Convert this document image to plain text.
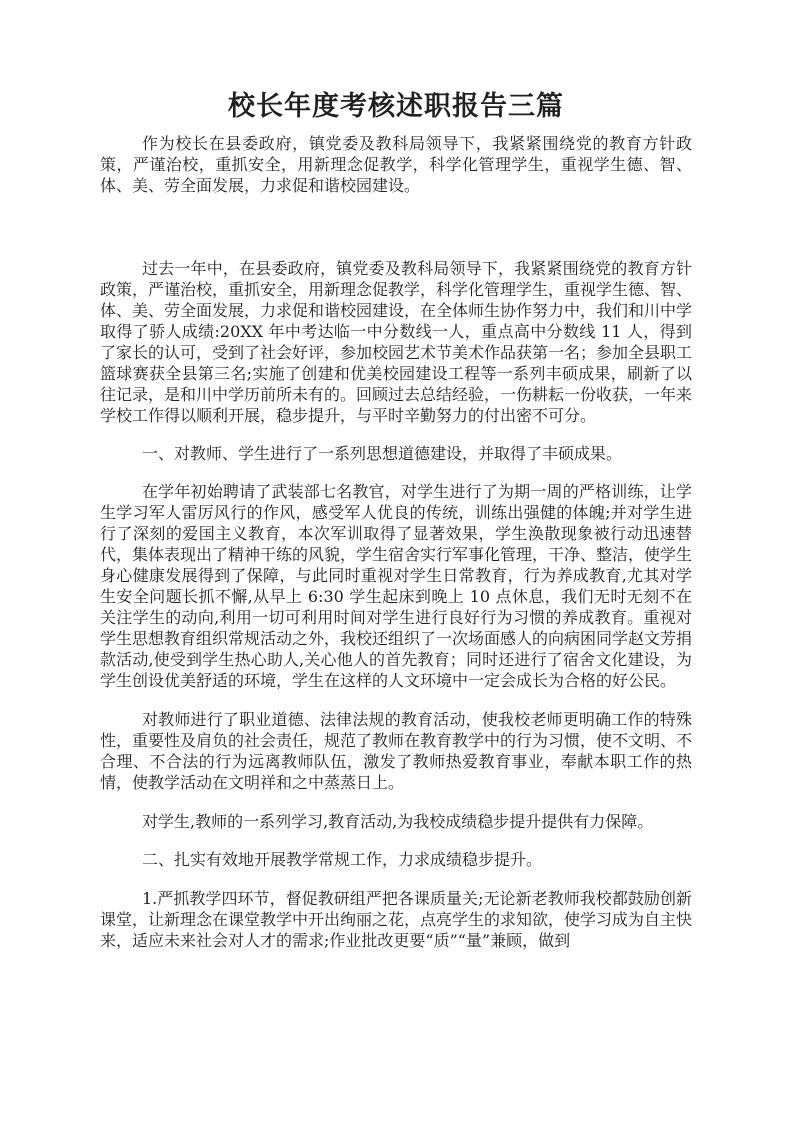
校长年度考核述职报告三篇

作为校长在县委政府，镇党委及教科局领导下，我紧紧围绕党的教育方针政策，严谨治校，重抓安全，用新理念促教学，科学化管理学生，重视学生德、智、体、美、劳全面发展，力求促和谐校园建设。

过去一年中，在县委政府，镇党委及教科局领导下，我紧紧围绕党的教育方针政策，严谨治校，重抓安全，用新理念促教学，科学化管理学生，重视学生德、智、体、美、劳全面发展，力求促和谐校园建设，在全体师生协作努力中，我们和川中学取得了骄人成绩:20XX 年中考达临一中分数线一人，重点高中分数线 11 人，得到了家长的认可，受到了社会好评，参加校园艺术节美术作品获第一名；参加全县职工篮球赛获全县第三名;实施了创建和优美校园建设工程等一系列丰硕成果，刷新了以往记录，是和川中学历前所未有的。回顾过去总结经验，一伤耕耘一份收获，一年来学校工作得以顺利开展，稳步提升，与平时辛勤努力的付出密不可分。

一、对教师、学生进行了一系列思想道德建设，并取得了丰硕成果。

在学年初始聘请了武装部七名教官，对学生进行了为期一周的严格训练，让学生学习军人雷厉风行的作风，感受军人优良的传统，训练出强健的体魄;并对学生进行了深刻的爱国主义教育，本次军训取得了显著效果，学生涣散现象被行动迅速替代，集体表现出了精神干练的风貌，学生宿舍实行军事化管理，干净、整洁，使学生身心健康发展得到了保障，与此同时重视对学生日常教育，行为养成教育,尤其对学生安全问题长抓不懈,从早上 6:30 学生起床到晚上 10 点休息，我们无时无刻不在关注学生的动向,利用一切可利用时间对学生进行良好行为习惯的养成教育。重视对学生思想教育组织常规活动之外，我校还组织了一次场面感人的向病困同学赵文芳捐款活动,使受到学生热心助人,关心他人的首先教育；同时还进行了宿舍文化建设，为学生创设优美舒适的环境，学生在这样的人文环境中一定会成长为合格的好公民。

对教师进行了职业道德、法律法规的教育活动，使我校老师更明确工作的特殊性，重要性及肩负的社会责任，规范了教师在教育教学中的行为习惯，使不文明、不合理、不合法的行为远离教师队伍，激发了教师热爱教育事业，奉献本职工作的热情，使教学活动在文明祥和之中蒸蒸日上。

对学生,教师的一系列学习,教育活动,为我校成绩稳步提升提供有力保障。

二、扎实有效地开展教学常规工作，力求成绩稳步提升。

1.严抓教学四环节，督促教研组严把各课质量关;无论新老教师我校都鼓励创新课堂，让新理念在课堂教学中开出绚丽之花，点亮学生的求知欲，使学习成为自主快来，适应未来社会对人才的需求;作业批改更要“质”“量”兼顾，做到
